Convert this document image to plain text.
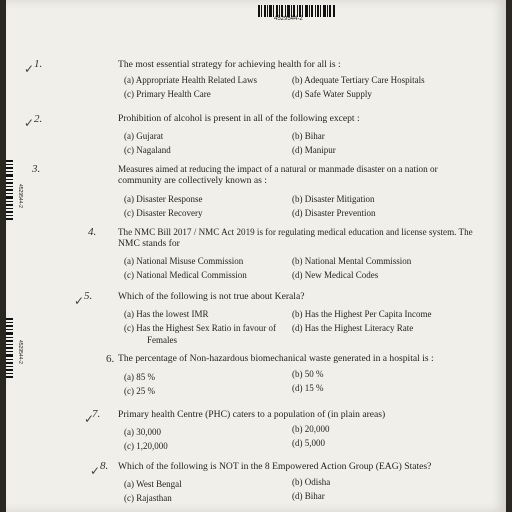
4529544-2
4529544-2
4529544-2
✓ 1.	The most essential strategy for achieving health for all is :
(a) Appropriate Health Related Laws	(b) Adequate Tertiary Care Hospitals
(c) Primary Health Care	(d) Safe Water Supply
✓ 2.	Prohibition of alcohol is present in all of the following except :
(a) Gujarat	(b) Bihar
(c) Nagaland	(d) Manipur
3.	Measures aimed at reducing the impact of a natural or manmade disaster on a nation or
community are collectively known as :
(a) Disaster Response	(b) Disaster Mitigation
(c) Disaster Recovery	(d) Disaster Prevention
4. The NMC Bill 2017 / NMC Act 2019 is for regulating medical education and license system. The
NMC stands for
(a) National Misuse Commission	(b) National Mental Commission
(c) National Medical Commission	(d) New Medical Codes
✓ 5.	Which of the following is not true about Kerala?
(a) Has the lowest IMR	(b) Has the Highest Per Capita Income
(c) Has the Highest Sex Ratio in favour of (d) Has the Highest Literacy Rate
Females
6. The percentage of Non-hazardous biomechanical waste generated in a hospital is :
(a) 85 %	(b) 50 %
(c) 25 %	(d) 15 %
✓
7. Primary health Centre (PHC) caters to a population of (in plain areas)
(a) 30,000	(b) 20,000
(c) 1,20,000	(d) 5,000
✓ 8. Which of the following is NOT in the 8 Empowered Action Group (EAG) States?
(a) West Bengal	(b) Odisha
(c) Rajasthan	(d) Bihar
